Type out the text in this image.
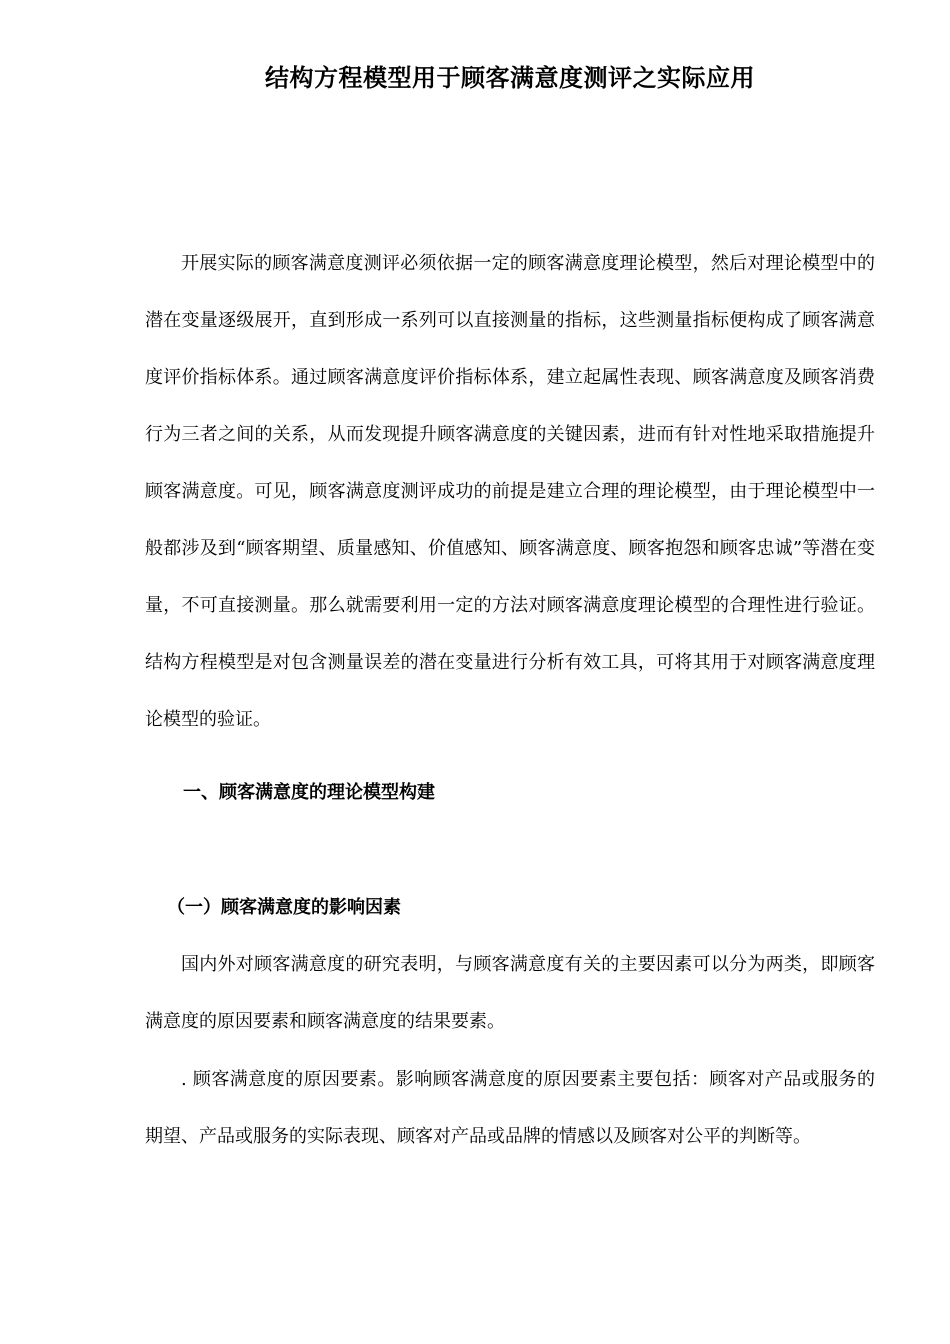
结构方程模型用于顾客满意度测评之实际应用

开展实际的顾客满意度测评必须依据一定的顾客满意度理论模型，然后对理论模型中的潜在变量逐级展开，直到形成一系列可以直接测量的指标，这些测量指标便构成了顾客满意度评价指标体系。通过顾客满意度评价指标体系，建立起属性表现、顾客满意度及顾客消费行为三者之间的关系，从而发现提升顾客满意度的关键因素，进而有针对性地采取措施提升顾客满意度。可见，顾客满意度测评成功的前提是建立合理的理论模型，由于理论模型中一般都涉及到“顾客期望、质量感知、价值感知、顾客满意度、顾客抱怨和顾客忠诚”等潜在变量，不可直接测量。那么就需要利用一定的方法对顾客满意度理论模型的合理性进行验证。结构方程模型是对包含测量误差的潜在变量进行分析有效工具，可将其用于对顾客满意度理论模型的验证。

一、顾客满意度的理论模型构建

（一）顾客满意度的影响因素

国内外对顾客满意度的研究表明，与顾客满意度有关的主要因素可以分为两类，即顾客满意度的原因要素和顾客满意度的结果要素。

. 顾客满意度的原因要素。影响顾客满意度的原因要素主要包括：顾客对产品或服务的期望、产品或服务的实际表现、顾客对产品或品牌的情感以及顾客对公平的判断等。
